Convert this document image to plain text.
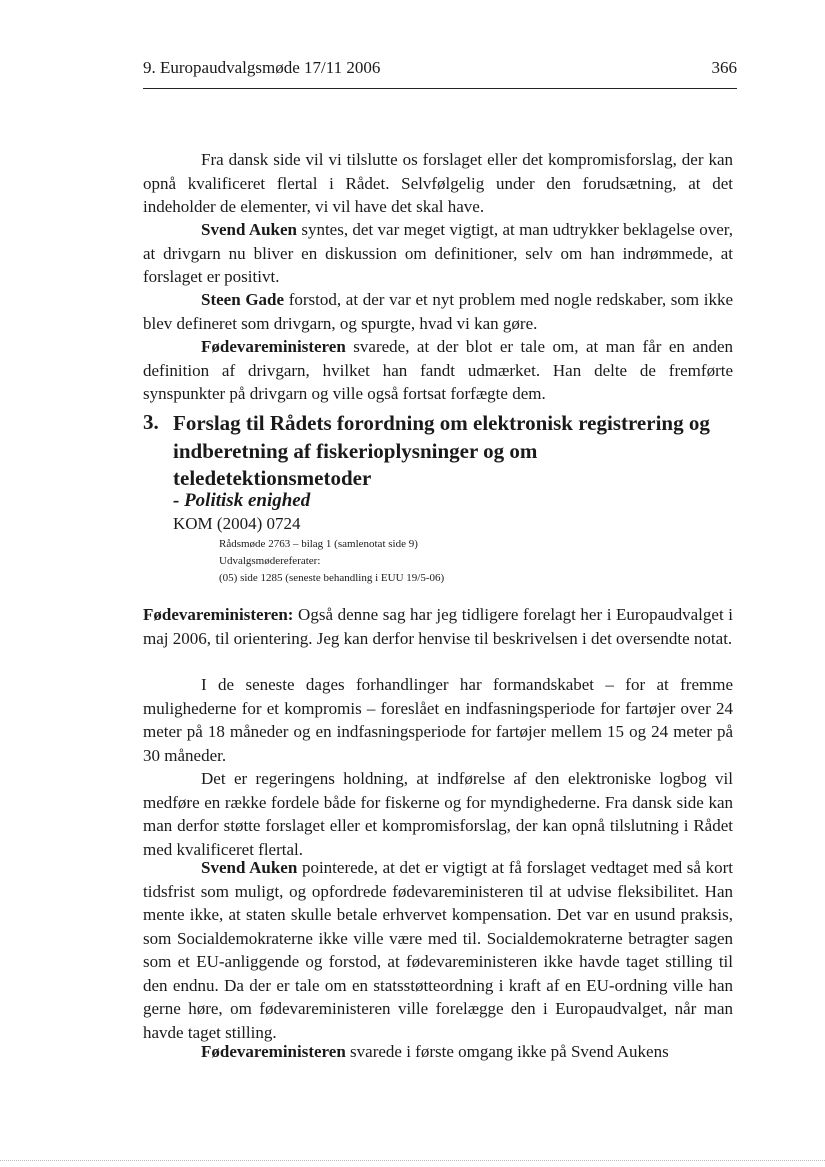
9. Europaudvalgsmøde 17/11 2006	366

Fra dansk side vil vi tilslutte os forslaget eller det kompromisforslag, der kan opnå kvalificeret flertal i Rådet. Selvfølgelig under den forudsætning, at det indeholder de elementer, vi vil have det skal have.

Svend Auken syntes, det var meget vigtigt, at man udtrykker beklagelse over, at drivgarn nu bliver en diskussion om definitioner, selv om han indrømmede, at forslaget er positivt.

Steen Gade forstod, at der var et nyt problem med nogle redskaber, som ikke blev defineret som drivgarn, og spurgte, hvad vi kan gøre.

Fødevareministeren svarede, at der blot er tale om, at man får en anden definition af drivgarn, hvilket han fandt udmærket. Han delte de fremførte synspunkter på drivgarn og ville også fortsat forfægte dem.

3. Forslag til Rådets forordning om elektronisk registrering og indberetning af fiskerioplysninger og om teledetektionsmetoder

- Politisk enighed
KOM (2004) 0724
Rådsmøde 2763 – bilag 1 (samlenotat side 9)
Udvalgsmødereferater:
(05) side 1285 (seneste behandling i EUU 19/5-06)

Fødevareministeren: Også denne sag har jeg tidligere forelagt her i Europaudvalget i maj 2006, til orientering. Jeg kan derfor henvise til beskrivelsen i det oversendte notat.

I de seneste dages forhandlinger har formandskabet – for at fremme mulighederne for et kompromis – foreslået en indfasningsperiode for fartøjer over 24 meter på 18 måneder og en indfasningsperiode for fartøjer mellem 15 og 24 meter på 30 måneder.

Det er regeringens holdning, at indførelse af den elektroniske logbog vil medføre en række fordele både for fiskerne og for myndighederne. Fra dansk side kan man derfor støtte forslaget eller et kompromisforslag, der kan opnå tilslutning i Rådet med kvalificeret flertal.

Svend Auken pointerede, at det er vigtigt at få forslaget vedtaget med så kort tidsfrist som muligt, og opfordrede fødevareministeren til at udvise fleksibilitet. Han mente ikke, at staten skulle betale erhvervet kompensation. Det var en usund praksis, som Socialdemokraterne ikke ville være med til. Socialdemokraterne betragter sagen som et EU-anliggende og forstod, at fødevareministeren ikke havde taget stilling til den endnu. Da der er tale om en statsstøtteordning i kraft af en EU-ordning ville han gerne høre, om fødevareministeren ville forelægge den i Europaudvalget, når man havde taget stilling.

Fødevareministeren svarede i første omgang ikke på Svend Aukens
